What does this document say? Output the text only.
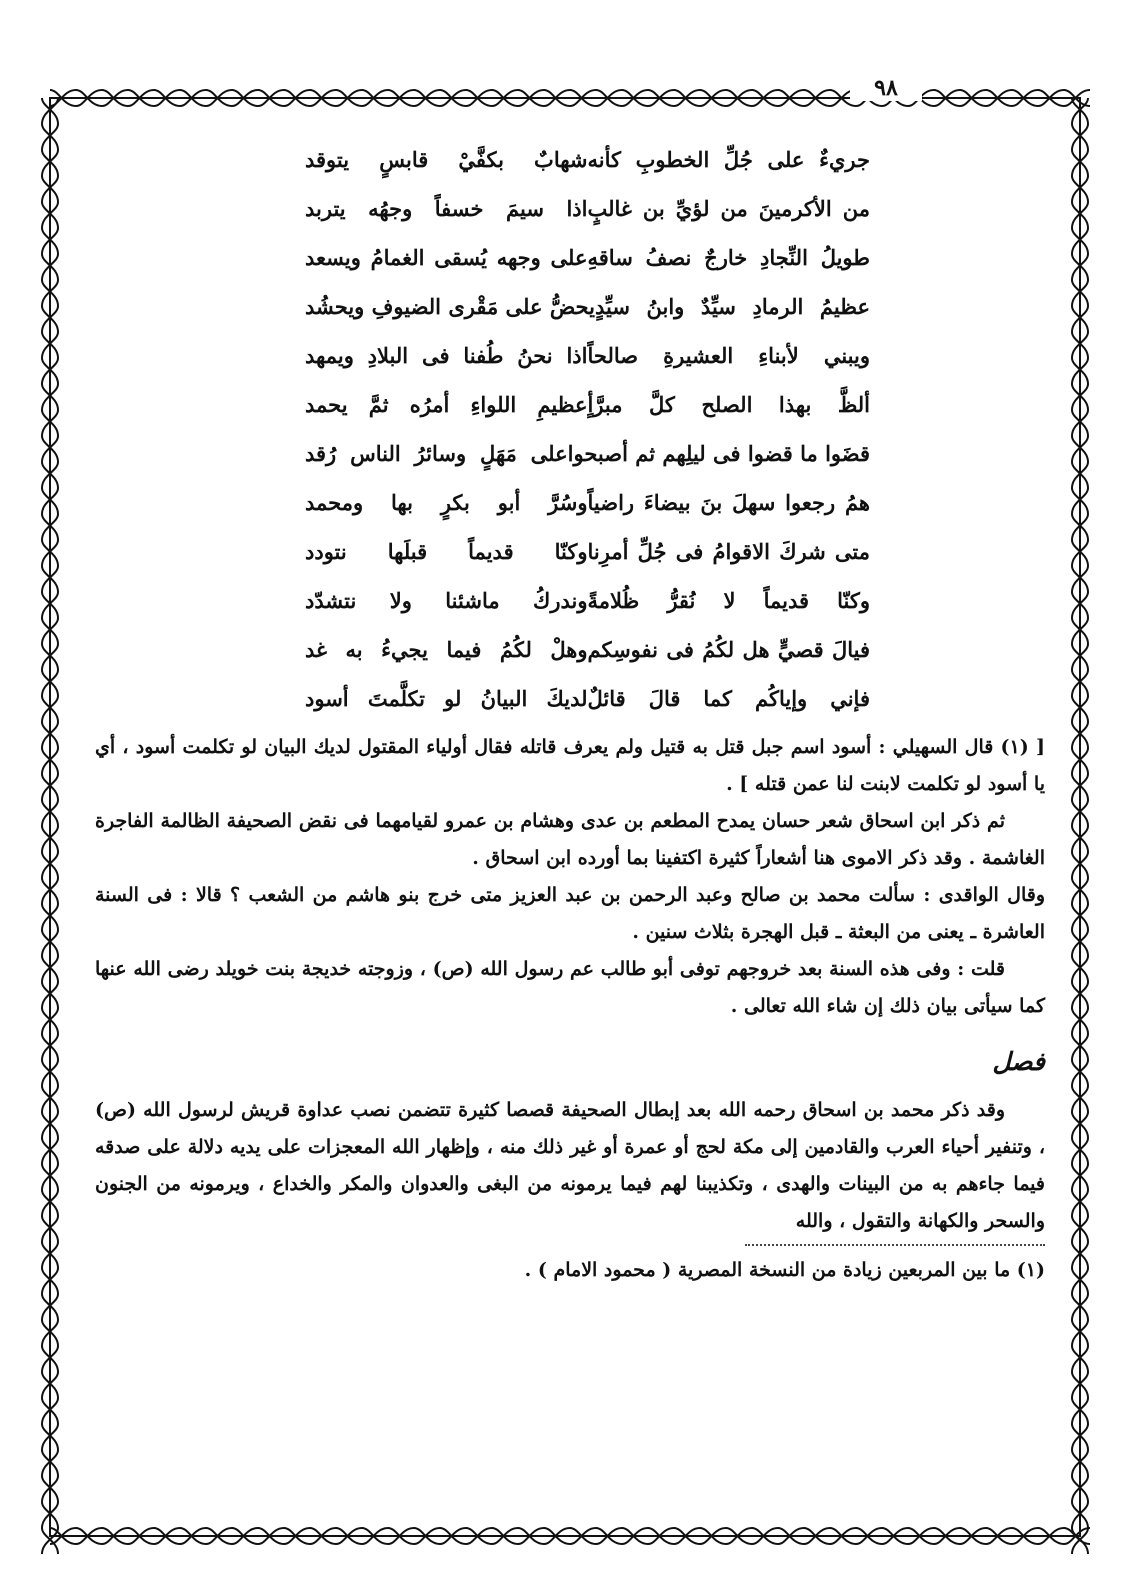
٩٨
جريءٌ على جُلِّ الخطوبِ كأنه
شهابٌ بكفَّيْ قابسٍ يتوقد
من الأكرمينَ من لؤيِّ بن غالبٍ
اذا سيمَ خسفاً وجهُه يتربد
طويلُ النِّجادِ خارجٌ نصفُ ساقهِ
على وجهه يُسقى الغمامُ ويسعد
عظيمُ الرمادِ سيِّدٌ وابنُ سيِّدٍ
يحضُّ على مَقْرى الضيوفِ ويحشُد
ويبني لأبناءِ العشيرةِ صالحاً
اذا نحنُ طُفنا فى البلادِ ويمهد
ألظَّ بهذا الصلح كلَّ مبرَّأٍ
عظيمِ اللواءِ أمرُه ثمَّ يحمد
قضَوا ما قضوا فى ليلِهم ثم أصبحوا
على مَهَلٍ وسائرُ الناس رُقد
همُ رجعوا سهلَ بنَ بيضاءَ راضياً
وسُرَّ أبو بكرٍ بها ومحمد
متى شركَ الاقوامُ فى جُلِّ أمرِنا
وكنّا قديماً قبلَها نتودد
وكنّا قديماً لا نُقرُّ ظُلامةً
وندركُ ماشئنا ولا نتشدّد
فيالَ قصيٍّ هل لكُمُ فى نفوسِكم
وهلْ لكُمُ فيما يجيءُ به غد
فإني وإياكُم كما قالَ قائلٌ
لديكَ البيانُ لو تكلَّمتَ أسود

[ (١) قال السهيلي : أسود اسم جبل قتل به قتيل ولم يعرف قاتله فقال أولياء المقتول لديك البيان لو تكلمت أسود ، أي يا أسود لو تكلمت لابنت لنا عمن قتله ] .

ثم ذكر ابن اسحاق شعر حسان يمدح المطعم بن عدى وهشام بن عمرو لقيامهما فى نقض الصحيفة الظالمة الفاجرة الغاشمة . وقد ذكر الاموى هنا أشعاراً كثيرة اكتفينا بما أورده ابن اسحاق .

وقال الواقدى : سألت محمد بن صالح وعبد الرحمن بن عبد العزيز متى خرج بنو هاشم من الشعب ؟ قالا : فى السنة العاشرة ـ يعنى من البعثة ـ قبل الهجرة بثلاث سنين .

قلت : وفى هذه السنة بعد خروجهم توفى أبو طالب عم رسول الله (ص) ، وزوجته خديجة بنت خويلد رضى الله عنها كما سيأتى بيان ذلك إن شاء الله تعالى .

فصل

وقد ذكر محمد بن اسحاق رحمه الله بعد إبطال الصحيفة قصصا كثيرة تتضمن نصب عداوة قريش لرسول الله (ص) ، وتنفير أحياء العرب والقادمين إلى مكة لحج أو عمرة أو غير ذلك منه ، وإظهار الله المعجزات على يديه دلالة على صدقه فيما جاءهم به من البينات والهدى ، وتكذيبنا لهم فيما يرمونه من البغى والعدوان والمكر والخداع ، ويرمونه من الجنون والسحر والكهانة والتقول ، والله

(١) ما بين المربعين زيادة من النسخة المصرية ( محمود الامام ) .
